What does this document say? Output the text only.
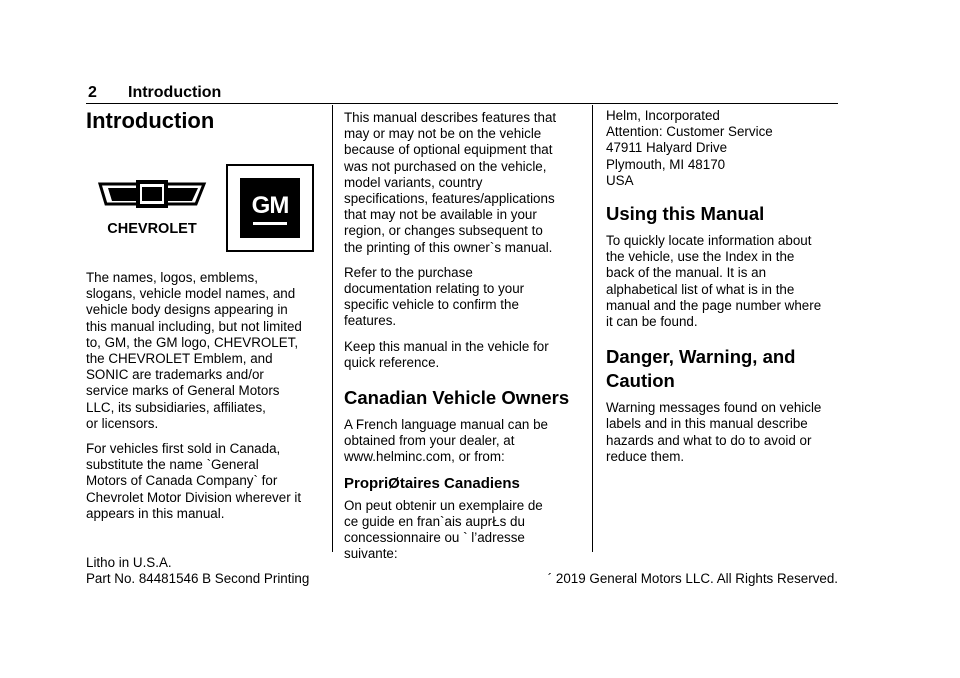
2 Introduction
Introduction
CHEVROLET
GM

The names, logos, emblems,
slogans, vehicle model names, and
vehicle body designs appearing in
this manual including, but not limited
to, GM, the GM logo, CHEVROLET,
the CHEVROLET Emblem, and
SONIC are trademarks and/or
service marks of General Motors
LLC, its subsidiaries, affiliates,
or licensors.

For vehicles first sold in Canada,
substitute the name `General
Motors of Canada Company` for
Chevrolet Motor Division wherever it
appears in this manual.

This manual describes features that
may or may not be on the vehicle
because of optional equipment that
was not purchased on the vehicle,
model variants, country
specifications, features/applications
that may not be available in your
region, or changes subsequent to
the printing of this owner`s manual.

Refer to the purchase
documentation relating to your
specific vehicle to confirm the
features.

Keep this manual in the vehicle for
quick reference.

Canadian Vehicle Owners

A French language manual can be
obtained from your dealer, at
www.helminc.com, or from:

PropriØtaires Canadiens

On peut obtenir un exemplaire de
ce guide en fran`ais auprŁs du
concessionnaire ou ` l’adresse
suivante:

Helm, Incorporated
Attention: Customer Service
47911 Halyard Drive
Plymouth, MI 48170
USA

Using this Manual

To quickly locate information about
the vehicle, use the Index in the
back of the manual. It is an
alphabetical list of what is in the
manual and the page number where
it can be found.

Danger, Warning, and
Caution

Warning messages found on vehicle
labels and in this manual describe
hazards and what to do to avoid or
reduce them.

Litho in U.S.A.
Part No. 84481546 B Second Printing	´ 2019 General Motors LLC. All Rights Reserved.
